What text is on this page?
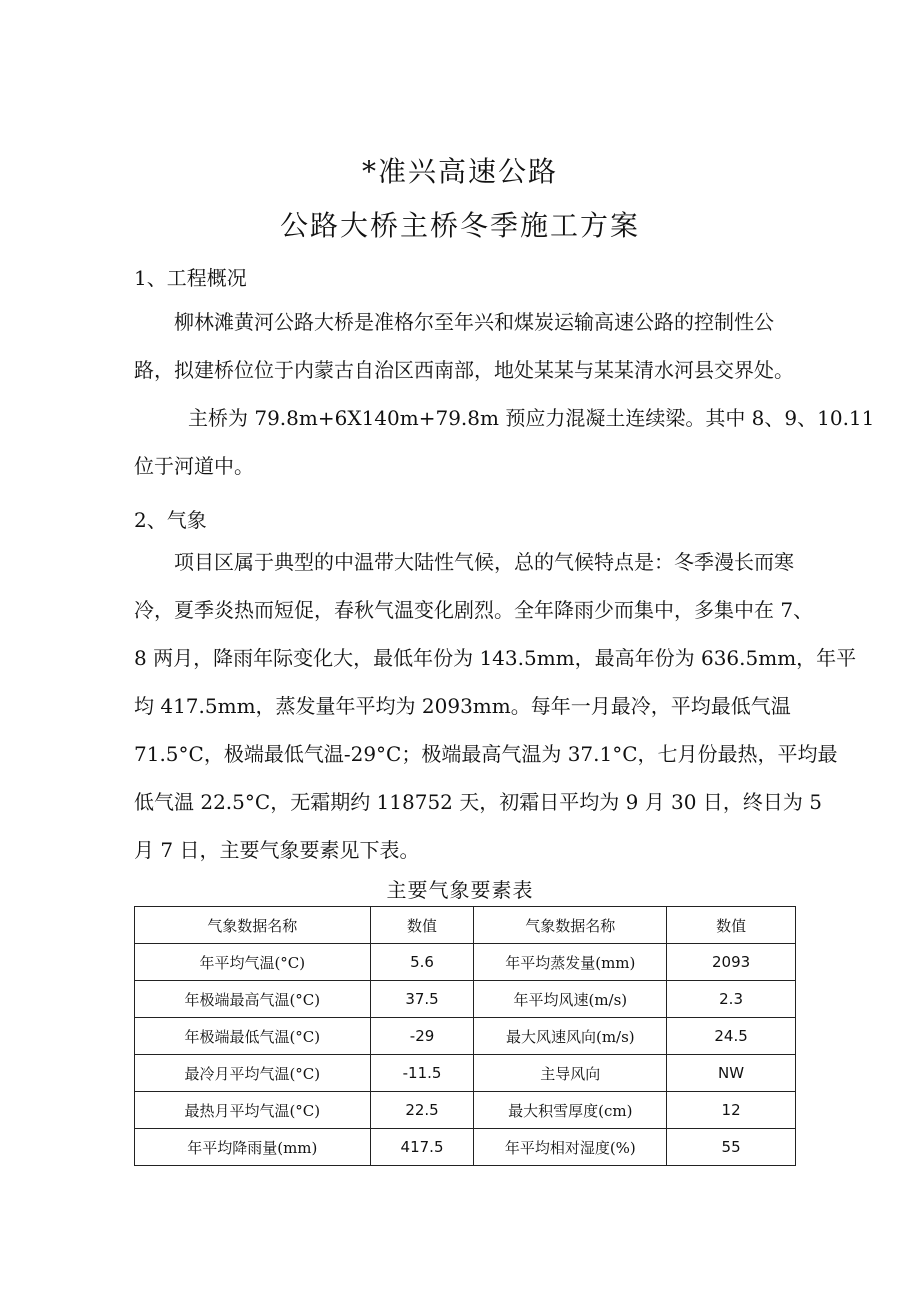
*准兴高速公路
公路大桥主桥冬季施工方案
1、工程概况
柳林滩黄河公路大桥是准格尔至年兴和煤炭运输高速公路的控制性公
路，拟建桥位位于内蒙古自治区西南部，地处某某与某某清水河县交界处。
主桥为 79.8m+6X140m+79.8m 预应力混凝土连续梁。其中 8、9、10.11
位于河道中。
2、气象
项目区属于典型的中温带大陆性气候，总的气候特点是：冬季漫长而寒
冷，夏季炎热而短促，春秋气温变化剧烈。全年降雨少而集中，多集中在 7、
8 两月，降雨年际变化大，最低年份为 143.5mm，最高年份为 636.5mm，年平
均 417.5mm，蒸发量年平均为 2093mm。每年一月最冷，平均最低气温
71.5°C，极端最低气温-29°C；极端最高气温为 37.1°C，七月份最热，平均最
低气温 22.5°C，无霜期约 118752 天，初霜日平均为 9 月 30 日，终日为 5
月 7 日，主要气象要素见下表。
主要气象要素表
气象数据名称	数值	气象数据名称	数值
年平均气温(°C)	5.6	年平均蒸发量(mm)	2093
年极端最高气温(°C)	37.5	年平均风速(m/s)	2.3
年极端最低气温(°C)	-29	最大风速风向(m/s)	24.5
最冷月平均气温(°C)	-11.5	主导风向	NW
最热月平均气温(°C)	22.5	最大积雪厚度(cm)	12
年平均降雨量(mm)	417.5	年平均相对湿度(%)	55
